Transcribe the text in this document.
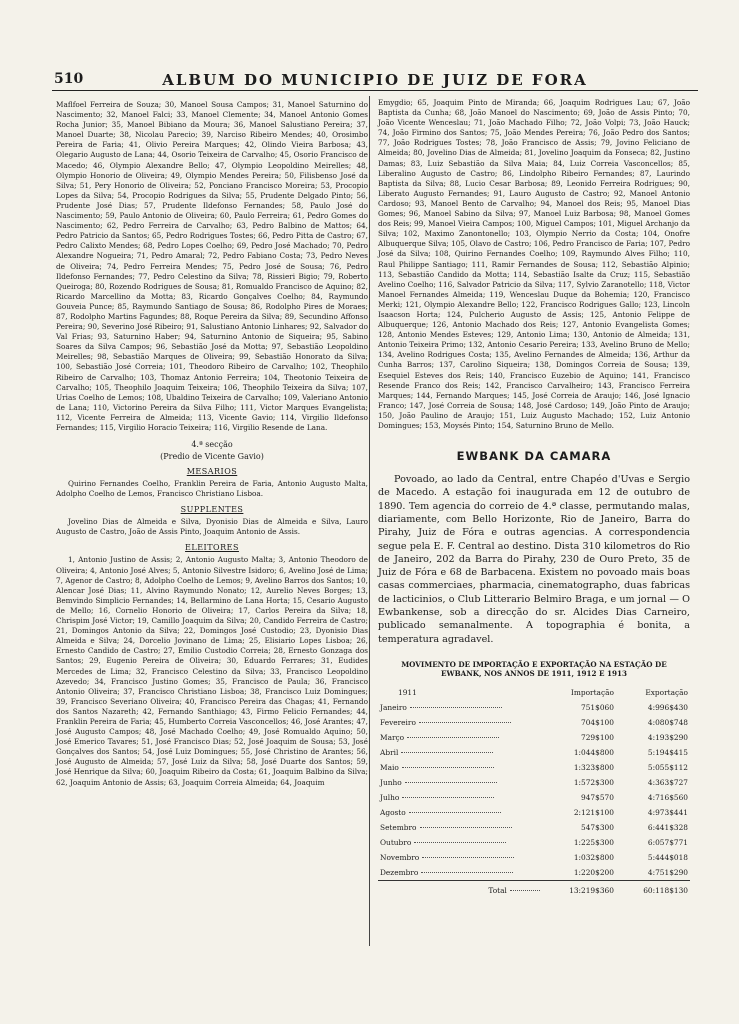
510	ALBUM DO MUNICIPIO DE JUIZ DE FORA

Maflfoel Ferreira de Souza; 30, Manoel Sousa Campos; 31, Manoel Saturnino do Nascimento; 32, Manoel Falci; 33, Manoel Clemente; 34, Manoel Antonio Gomes Rocha Junior; 35, Manoel Bibiano da Moura; 36, Manoel Salustiano Pereira; 37, Manoel Duarte; 38, Nicolau Parecio; 39, Narciso Ribeiro Mendes; 40, Orosimbo Pereira de Faria; 41, Olivio Pereira Marques; 42, Olindo Vieira Barbosa; 43, Olegario Augusto de Lana; 44, Osorio Teixeira de Carvalho; 45, Osorio Francisco de Macedo; 46, Olympio Alexandre Bello; 47, Olympio Leopoldino Meirelles; 48, Olympio Honorio de Oliveira; 49, Olympio Mendes Pereira; 50, Filisbenso José da Silva; 51, Pery Honorio de Oliveira; 52, Ponciano Francisco Moreira; 53, Procopio Lopes da Silva; 54, Procopio Rodrigues da Silva; 55, Prudente Delgado Pinto; 56, Prudente José Dias; 57, Prudente Ildefonso Fernandes; 58, Paulo José do Nascimento; 59, Paulo Antonio de Oliveira; 60, Paulo Ferreira; 61, Pedro Gomes do Nascimento; 62, Pedro Ferreira de Carvalho; 63, Pedro Balbino de Mattos; 64, Pedro Patricio da Santos; 65, Pedro Rodrigues Tostes; 66, Pedro Pitta de Castro; 67, Pedro Calixto Mendes; 68, Pedro Lopes Coelho; 69, Pedro José Machado; 70, Pedro Alexandre Nogueira; 71, Pedro Amaral; 72, Pedro Fabiano Costa; 73, Pedro Neves de Oliveira; 74, Pedro Ferreira Mendes; 75, Pedro José de Sousa; 76, Pedro Ildefonso Fernandes; 77, Pedro Celestino da Silva; 78, Rissieri Bigio; 79, Roberto Queiroga; 80, Rozendo Rodrigues de Sousa; 81, Romualdo Francisco de Aquino; 82, Ricardo Marcellino da Motta; 83, Ricardo Gonçalves Coelho; 84, Raymundo Gouveia Punce; 85, Raymundo Santiago de Sousa; 86, Rodolpho Pires de Moraes; 87, Rodolpho Martins Fagundes; 88, Roque Pereira da Silva; 89, Secundino Affonso Pereira; 90, Severino José Ribeiro; 91, Salustiano Antonio Linhares; 92, Salvador do Val Frias; 93, Saturnino Haber; 94, Saturnino Antonio de Siqueira; 95, Sabino Soares da Silva Campos; 96, Sebastião José da Motta; 97, Sebastião Leopoldino Meirelles; 98, Sebastião Marques de Oliveira; 99, Sebastião Honorato da Silva; 100, Sebastião José Correia; 101, Theodoro Ribeiro de Carvalho; 102, Theophilo Ribeiro de Carvalho; 103, Thomaz Antonio Ferreira; 104, Theotonio Teixeira de Carvalho; 105, Theophilo Joaquim Teixeira; 106, Theophilo Teixeira da Silva; 107, Urias Coelho de Lemos; 108, Ubaldino Teixeira de Carvalho; 109, Valeriano Antonio de Lana; 110, Victorino Pereira da Silva Filho; 111, Victor Marques Evangelista; 112, Vicente Ferreira de Almeida; 113, Vicente Gavio; 114, Virgilio Ildefonso Fernandes; 115, Virgilio Horacio Teixeira; 116, Virgilio Resende de Lana.

4.ª secção
(Predio de Vicente Gavio)
MESARIOS

Quirino Fernandes Coelho, Franklin Pereira de Faria, Antonio Augusto Malta, Adolpho Coelho de Lemos, Francisco Christiano Lisboa.

SUPPLENTES

Jovelino Dias de Almeida e Silva, Dyonisio Dias de Almeida e Silva, Lauro Augusto de Castro, João de Assis Pinto, Joaquim Antonio de Assis.

ELEITORES

1, Antonio Justino de Assis; 2, Antonio Augusto Malta; 3, Antonio Theodoro de Oliveira; 4, Antonio José Alves; 5, Antonio Silvestre Isidoro; 6, Avelino José de Lima; 7, Agenor de Castro; 8, Adolpho Coelho de Lemos; 9, Avelino Barros dos Santos; 10, Alencar José Dias; 11, Alvino Raymundo Nonato; 12, Aurelio Neves Borges; 13, Bemvindo Simplicio Fernandes; 14, Bellarmino de Lana Horta; 15, Cesario Augusto de Mello; 16, Cornelio Honorio de Oliveira; 17, Carlos Pereira da Silva; 18, Chrispim José Victor; 19, Camillo Joaquim da Silva; 20, Candido Ferreira de Castro; 21, Domingos Antonio da Silva; 22, Domingos José Custodio; 23, Dyonisio Dias Almeida e Silva; 24, Dorcelio Jovinano de Lima; 25, Elisiario Lopes Lisboa; 26, Ernesto Candido de Castro; 27, Emilio Custodio Correia; 28, Ernesto Gonzaga dos Santos; 29, Eugenio Pereira de Oliveira; 30, Eduardo Ferrares; 31, Eudides Mercedes de Lima; 32, Francisco Celestino da Silva; 33, Francisco Leopoldino Azevedo; 34, Francisco Justino Gomes; 35, Francisco de Paula; 36, Francisco Antonio Oliveira; 37, Francisco Christiano Lisboa; 38, Francisco Luiz Domingues; 39, Francisco Severiano Oliveira; 40, Francisco Pereira das Chagas; 41, Fernando dos Santos Nazareth; 42, Fernando Santhiago; 43, Firmo Felicio Fernandes; 44, Franklin Pereira de Faria; 45, Humberto Correia Vasconcellos; 46, José Arantes; 47, José Augusto Campos; 48, José Machado Coelho; 49, José Romualdo Aquino; 50, José Emerico Tavares; 51, José Francisco Dias; 52, José Joaquim de Sousa; 53, José Gonçalves dos Santos; 54, José Luiz Domingues; 55, José Christino de Arantes; 56, José Augusto de Almeida; 57, José Luiz da Silva; 58, José Duarte dos Santos; 59, José Henrique da Silva; 60, Joaquim Ribeiro da Costa; 61, Joaquim Balbino da Silva; 62, Joaquim Antonio de Assis; 63, Joaquim Correia Almeida; 64, Joaquim

Emygdio; 65, Joaquim Pinto de Miranda; 66, Joaquim Rodrigues Lau; 67, João Baptista da Cunha; 68, João Manoel do Nascimento; 69, João de Assis Pinto; 70, João Vicente Wenceslau; 71, João Machado Filho; 72, João Volpi; 73, João Hauck; 74, João Firmino dos Santos; 75, João Mendes Pereira; 76, João Pedro dos Santos; 77, João Rodrigues Tostes; 78, João Francisco de Assis; 79, Jovino Feliciano de Almeida; 80, Jovelino Dias de Almeida; 81, Jovelino Joaquim da Fonseca; 82, Justino Damas; 83, Luiz Sebastião da Silva Maia; 84, Luiz Correia Vasconcellos; 85, Liberalino Augusto de Castro; 86, Lindolpho Ribeiro Fernandes; 87, Laurindo Baptista da Silva; 88, Lucio Cesar Barbosa; 89, Leonido Ferreira Rodrigues; 90, Liberato Augusto Fernandes; 91, Lauro Augusto de Castro; 92, Manoel Antonio Cardoso; 93, Manoel Bento de Carvalho; 94, Manoel dos Reis; 95, Manoel Dias Gomes; 96, Manoel Sabino da Silva; 97, Manoel Luiz Barbosa; 98, Manoel Gomes dos Reis; 99, Manoel Vieira Campos; 100, Miguel Campos; 101, Miguel Archanjo da Silva; 102, Maximo Zanontonello; 103, Olympio Nerrio da Costa; 104, Onofre Albuquerque Silva; 105, Olavo de Castro; 106, Pedro Francisco de Faria; 107, Pedro José da Silva; 108, Quirino Fernandes Coelho; 109, Raymundo Alves Filho; 110, Raul Philippe Santiago; 111, Ramir Fernandes de Sousa; 112, Sebastião Alpinio; 113, Sebastião Candido da Motta; 114, Sebastião Isalte da Cruz; 115, Sebastião Avelino Coelho; 116, Salvador Patricio da Silva; 117, Sylvio Zaranotello; 118, Victor Manoel Fernandes Almeida; 119, Wenceslau Duque da Bohemia; 120, Francisco Merki; 121, Olympio Alexandre Bello; 122, Francisco Rodrigues Gallo; 123, Lincoln Isaacson Horta; 124, Pulcherio Augusto de Assis; 125, Antonio Felippe de Albuquerque; 126, Antonio Machado dos Reis; 127, Antonio Evangelista Gomes; 128, Antonio Mendes Esteves; 129, Antonio Lima; 130, Antonio de Almeida; 131, Antonio Teixeira Primo; 132, Antonio Cesario Pereira; 133, Avelino Bruno de Mello; 134, Avelino Rodrigues Costa; 135, Avelino Fernandes de Almeida; 136, Arthur da Cunha Barros; 137, Carolino Siqueira; 138, Domingos Correia de Sousa; 139, Esequiel Esteves dos Reis; 140, Francisco Euzebio de Aquino; 141, Francisco Resende Franco dos Reis; 142, Francisco Carvalheiro; 143, Francisco Ferreira Marques; 144, Fernando Marques; 145, José Correia de Araujo; 146, José Ignacio Franco; 147, José Correia de Sousa; 148, José Cardoso; 149, João Pinto de Araujo; 150, João Paulino de Araujo; 151, Luiz Augusto Machado; 152, Luiz Antonio Domingues; 153, Moysés Pinto; 154, Saturnino Bruno de Mello.

EWBANK DA CAMARA

Povoado, ao lado da Central, entre Chapéo d'Uvas e Sergio de Macedo. A estação foi inaugurada em 12 de outubro de 1890. Tem agencia do correio de 4.ª classe, permutando malas, diariamente, com Bello Horizonte, Rio de Janeiro, Barra do Pirahy, Juiz de Fóra e outras agencias. A correspondencia segue pela E. F. Central ao destino. Dista 310 kilometros do Rio de Janeiro, 202 da Barra do Pirahy, 230 de Ouro Preto, 35 de Juiz de Fóra e 68 de Barbacena. Existem no povoado mais boas casas commerciaes, pharmacia, cinematographo, duas fabricas de lacticinios, o Club Litterario Belmiro Braga, e um jornal — O Ewbankense, sob a direcção do sr. Alcides Dias Carneiro, publicado semanalmente. A topographia é bonita, a temperatura agradavel.

MOVIMENTO DE IMPORTAÇÃO E EXPORTAÇÃO NA ESTAÇÃO DE
EWBANK, NOS ANNOS DE 1911, 1912 E 1913
1911	Importação	Exportação
Janeiro	751$060	4:996$430
Fevereiro	704$100	4:080$748
Março	729$100	4:193$290
Abril	1:044$800	5:194$415
Maio	1:323$800	5:055$112
Junho	1:572$300	4:363$727
Julho	947$570	4:716$560
Agosto	2:121$100	4:973$441
Setembro	547$300	6:441$328
Outubro	1:225$300	6:057$771
Novembro	1:032$800	5:444$018
Dezembro	1:220$200	4:751$290
Total	13:219$360	60:118$130
